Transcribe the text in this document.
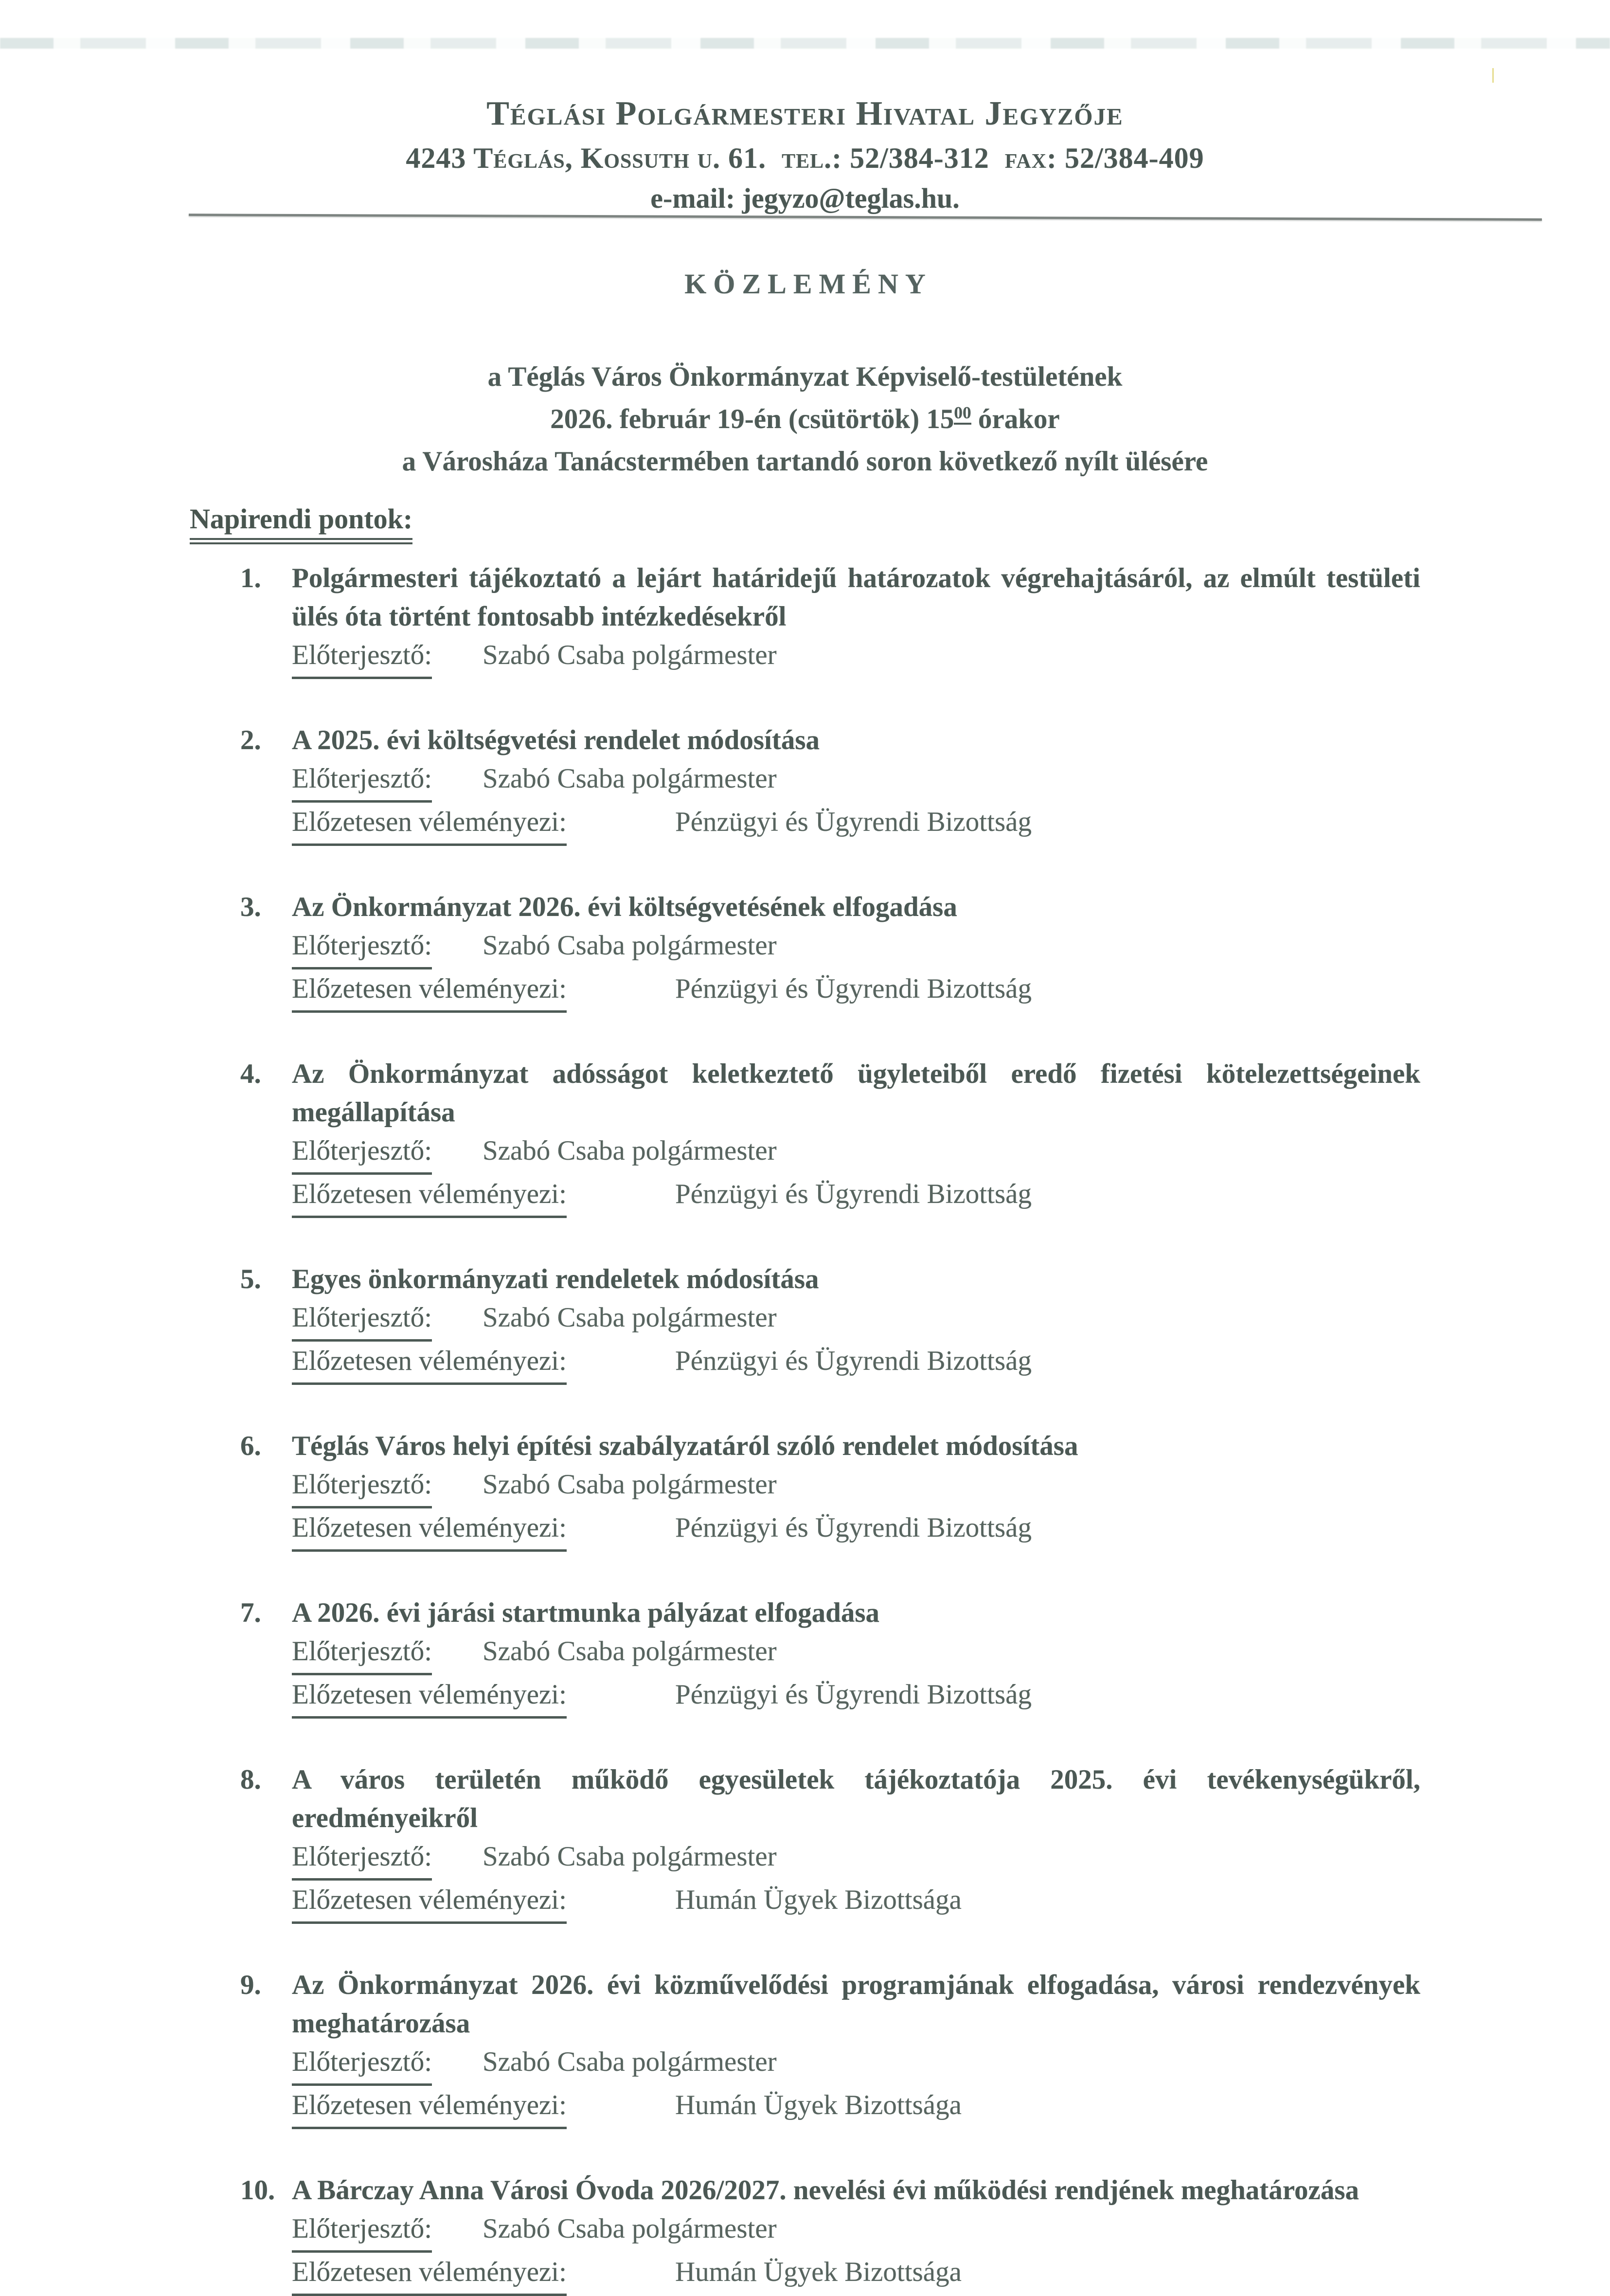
Téglási Polgármesteri Hivatal Jegyzője
4243 Téglás, Kossuth u. 61.  tel.: 52/384-312  fax: 52/384-409
e-mail: jegyzo@teglas.hu.
KÖZLEMÉNY
a Téglás Város Önkormányzat Képviselő-testületének
2026. február 19-én (csütörtök) $15^{00}$ órakor
a Városháza Tanácstermében tartandó soron következő nyílt ülésére
Napirendi pontok:
1.	Polgármesteri tájékoztató a lejárt határidejű határozatok végrehajtásáról, az elmúlt testületi ülés óta történt fontosabb intézkedésekről
Előterjesztő: Szabó Csaba polgármester
2.	A 2025. évi költségvetési rendelet módosítása
Előterjesztő: Szabó Csaba polgármester
Előzetesen véleményezi:	Pénzügyi és Ügyrendi Bizottság
3.	Az Önkormányzat 2026. évi költségvetésének elfogadása
Előterjesztő: Szabó Csaba polgármester
Előzetesen véleményezi:	Pénzügyi és Ügyrendi Bizottság
4.	Az Önkormányzat adósságot keletkeztető ügyleteiből eredő fizetési kötelezettségeinek megállapítása
Előterjesztő: Szabó Csaba polgármester
Előzetesen véleményezi:	Pénzügyi és Ügyrendi Bizottság
5.	Egyes önkormányzati rendeletek módosítása
Előterjesztő: Szabó Csaba polgármester
Előzetesen véleményezi:	Pénzügyi és Ügyrendi Bizottság
6.	Téglás Város helyi építési szabályzatáról szóló rendelet módosítása
Előterjesztő: Szabó Csaba polgármester
Előzetesen véleményezi:	Pénzügyi és Ügyrendi Bizottság
7.	A 2026. évi járási startmunka pályázat elfogadása
Előterjesztő: Szabó Csaba polgármester
Előzetesen véleményezi:	Pénzügyi és Ügyrendi Bizottság
8.	A város területén működő egyesületek tájékoztatója 2025. évi tevékenységükről, eredményeikről
Előterjesztő: Szabó Csaba polgármester
Előzetesen véleményezi:	Humán Ügyek Bizottsága
9.	Az Önkormányzat 2026. évi közművelődési programjának elfogadása, városi rendezvények meghatározása
Előterjesztő: Szabó Csaba polgármester
Előzetesen véleményezi:	Humán Ügyek Bizottsága
10. A Bárczay Anna Városi Óvoda 2026/2027. nevelési évi működési rendjének meghatározása
Előterjesztő: Szabó Csaba polgármester
Előzetesen véleményezi:	Humán Ügyek Bizottsága
